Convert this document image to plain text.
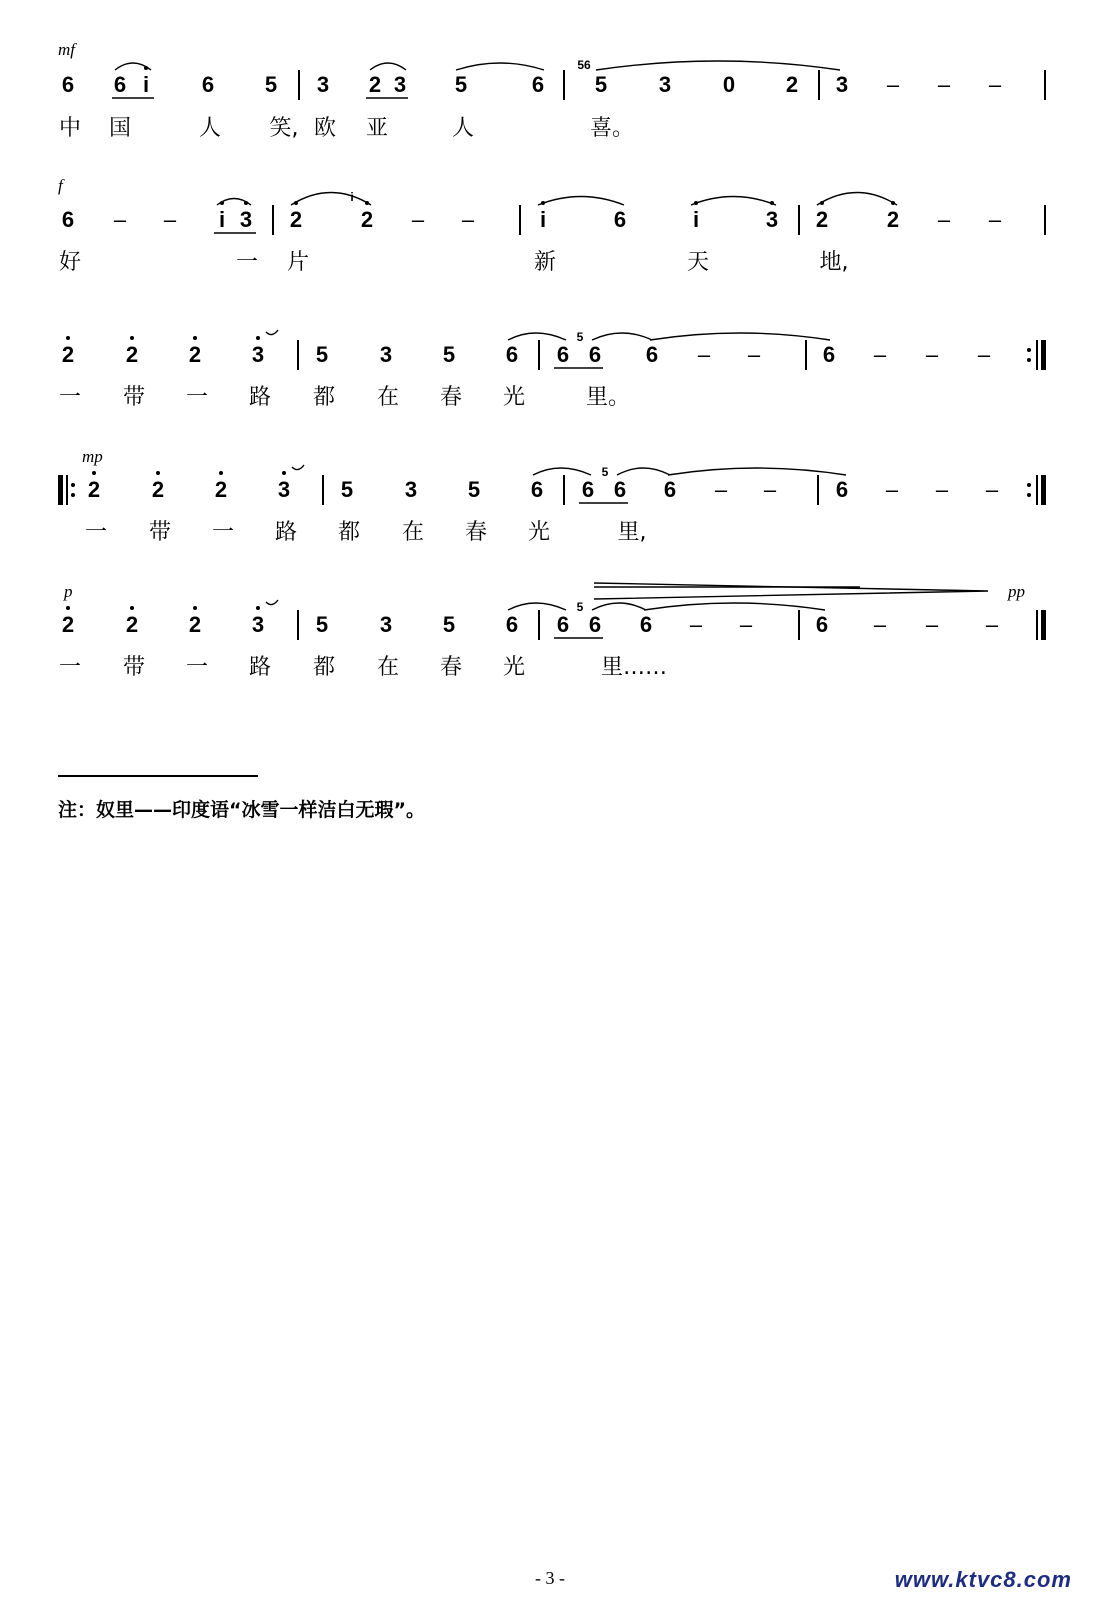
mf
6 6 i 6 5 3 2 3 5	6
56
5 3 0 2 3 – – –
中 国	人 笑, 欧 亚	人	喜。
f
6 – – i 3 2
i
2 – –	i	6	i	3 2	2 – –
好	一 片	新	天	地,
2 2 2 3 5 3 5 6 6
5
6 6 – –	6 – – –
一 带 一 路 都 在 春 光	里。
mp
2 2 2 3 5 3 5 6 6
5
6 6 – –	6 – – –
一 带 一 路 都 在 春 光	里,
p	pp
2 2 2 3 5 3 5 6 6
5
6 6 – –	6 – – –
一 带 一 路 都 在 春 光	里……
注：奴里——印度语“冰雪一样洁白无瑕”。
- 3 -	www.ktvc8.com
